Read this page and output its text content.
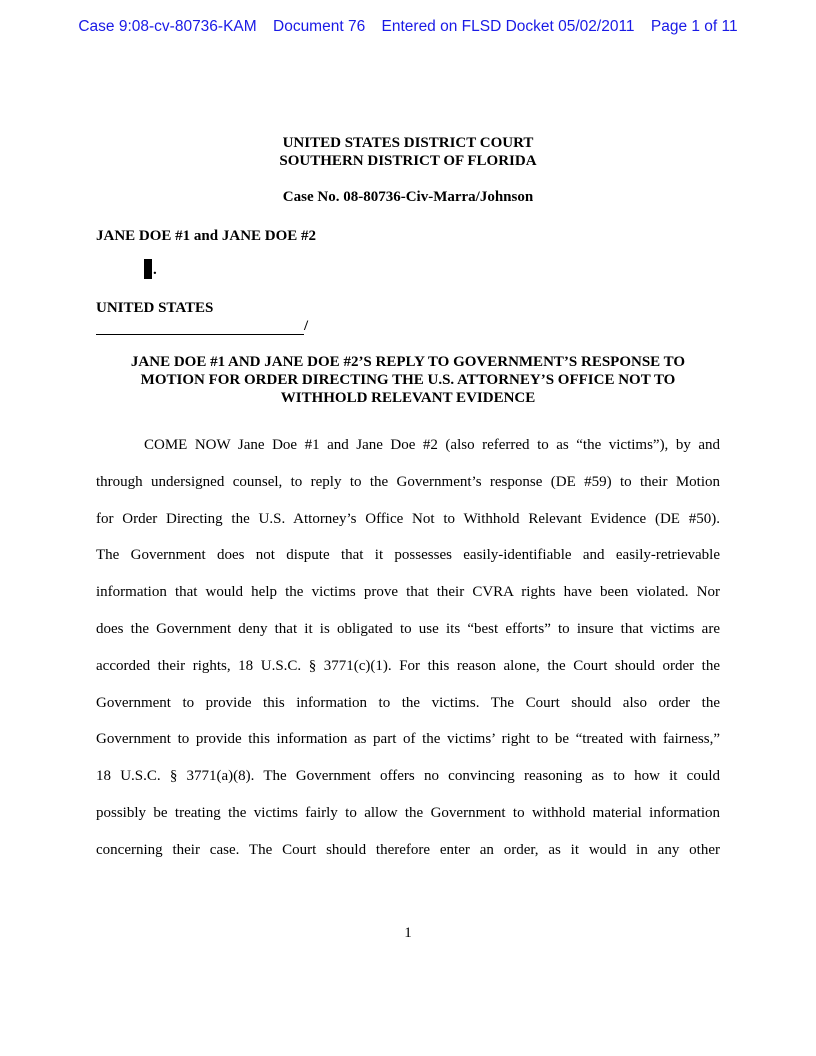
Case 9:08-cv-80736-KAM Document 76 Entered on FLSD Docket 05/02/2011 Page 1 of 11
UNITED STATES DISTRICT COURT
SOUTHERN DISTRICT OF FLORIDA
Case No. 08-80736-Civ-Marra/Johnson
JANE DOE #1 and JANE DOE #2
.
UNITED STATES
/
JANE DOE #1 AND JANE DOE #2’S REPLY TO GOVERNMENT’S RESPONSE TO
MOTION FOR ORDER DIRECTING THE U.S. ATTORNEY’S OFFICE NOT TO
WITHHOLD RELEVANT EVIDENCE
COME NOW Jane Doe #1 and Jane Doe #2 (also referred to as “the victims”), by and
through undersigned counsel, to reply to the Government’s response (DE #59) to their Motion
for Order Directing the U.S. Attorney’s Office Not to Withhold Relevant Evidence (DE #50).
The Government does not dispute that it possesses easily-identifiable and easily-retrievable
information that would help the victims prove that their CVRA rights have been violated. Nor
does the Government deny that it is obligated to use its “best efforts” to insure that victims are
accorded their rights, 18 U.S.C. § 3771(c)(1). For this reason alone, the Court should order the
Government to provide this information to the victims. The Court should also order the
Government to provide this information as part of the victims’ right to be “treated with fairness,”
18 U.S.C. § 3771(a)(8). The Government offers no convincing reasoning as to how it could
possibly be treating the victims fairly to allow the Government to withhold material information
concerning their case. The Court should therefore enter an order, as it would in any other
1
